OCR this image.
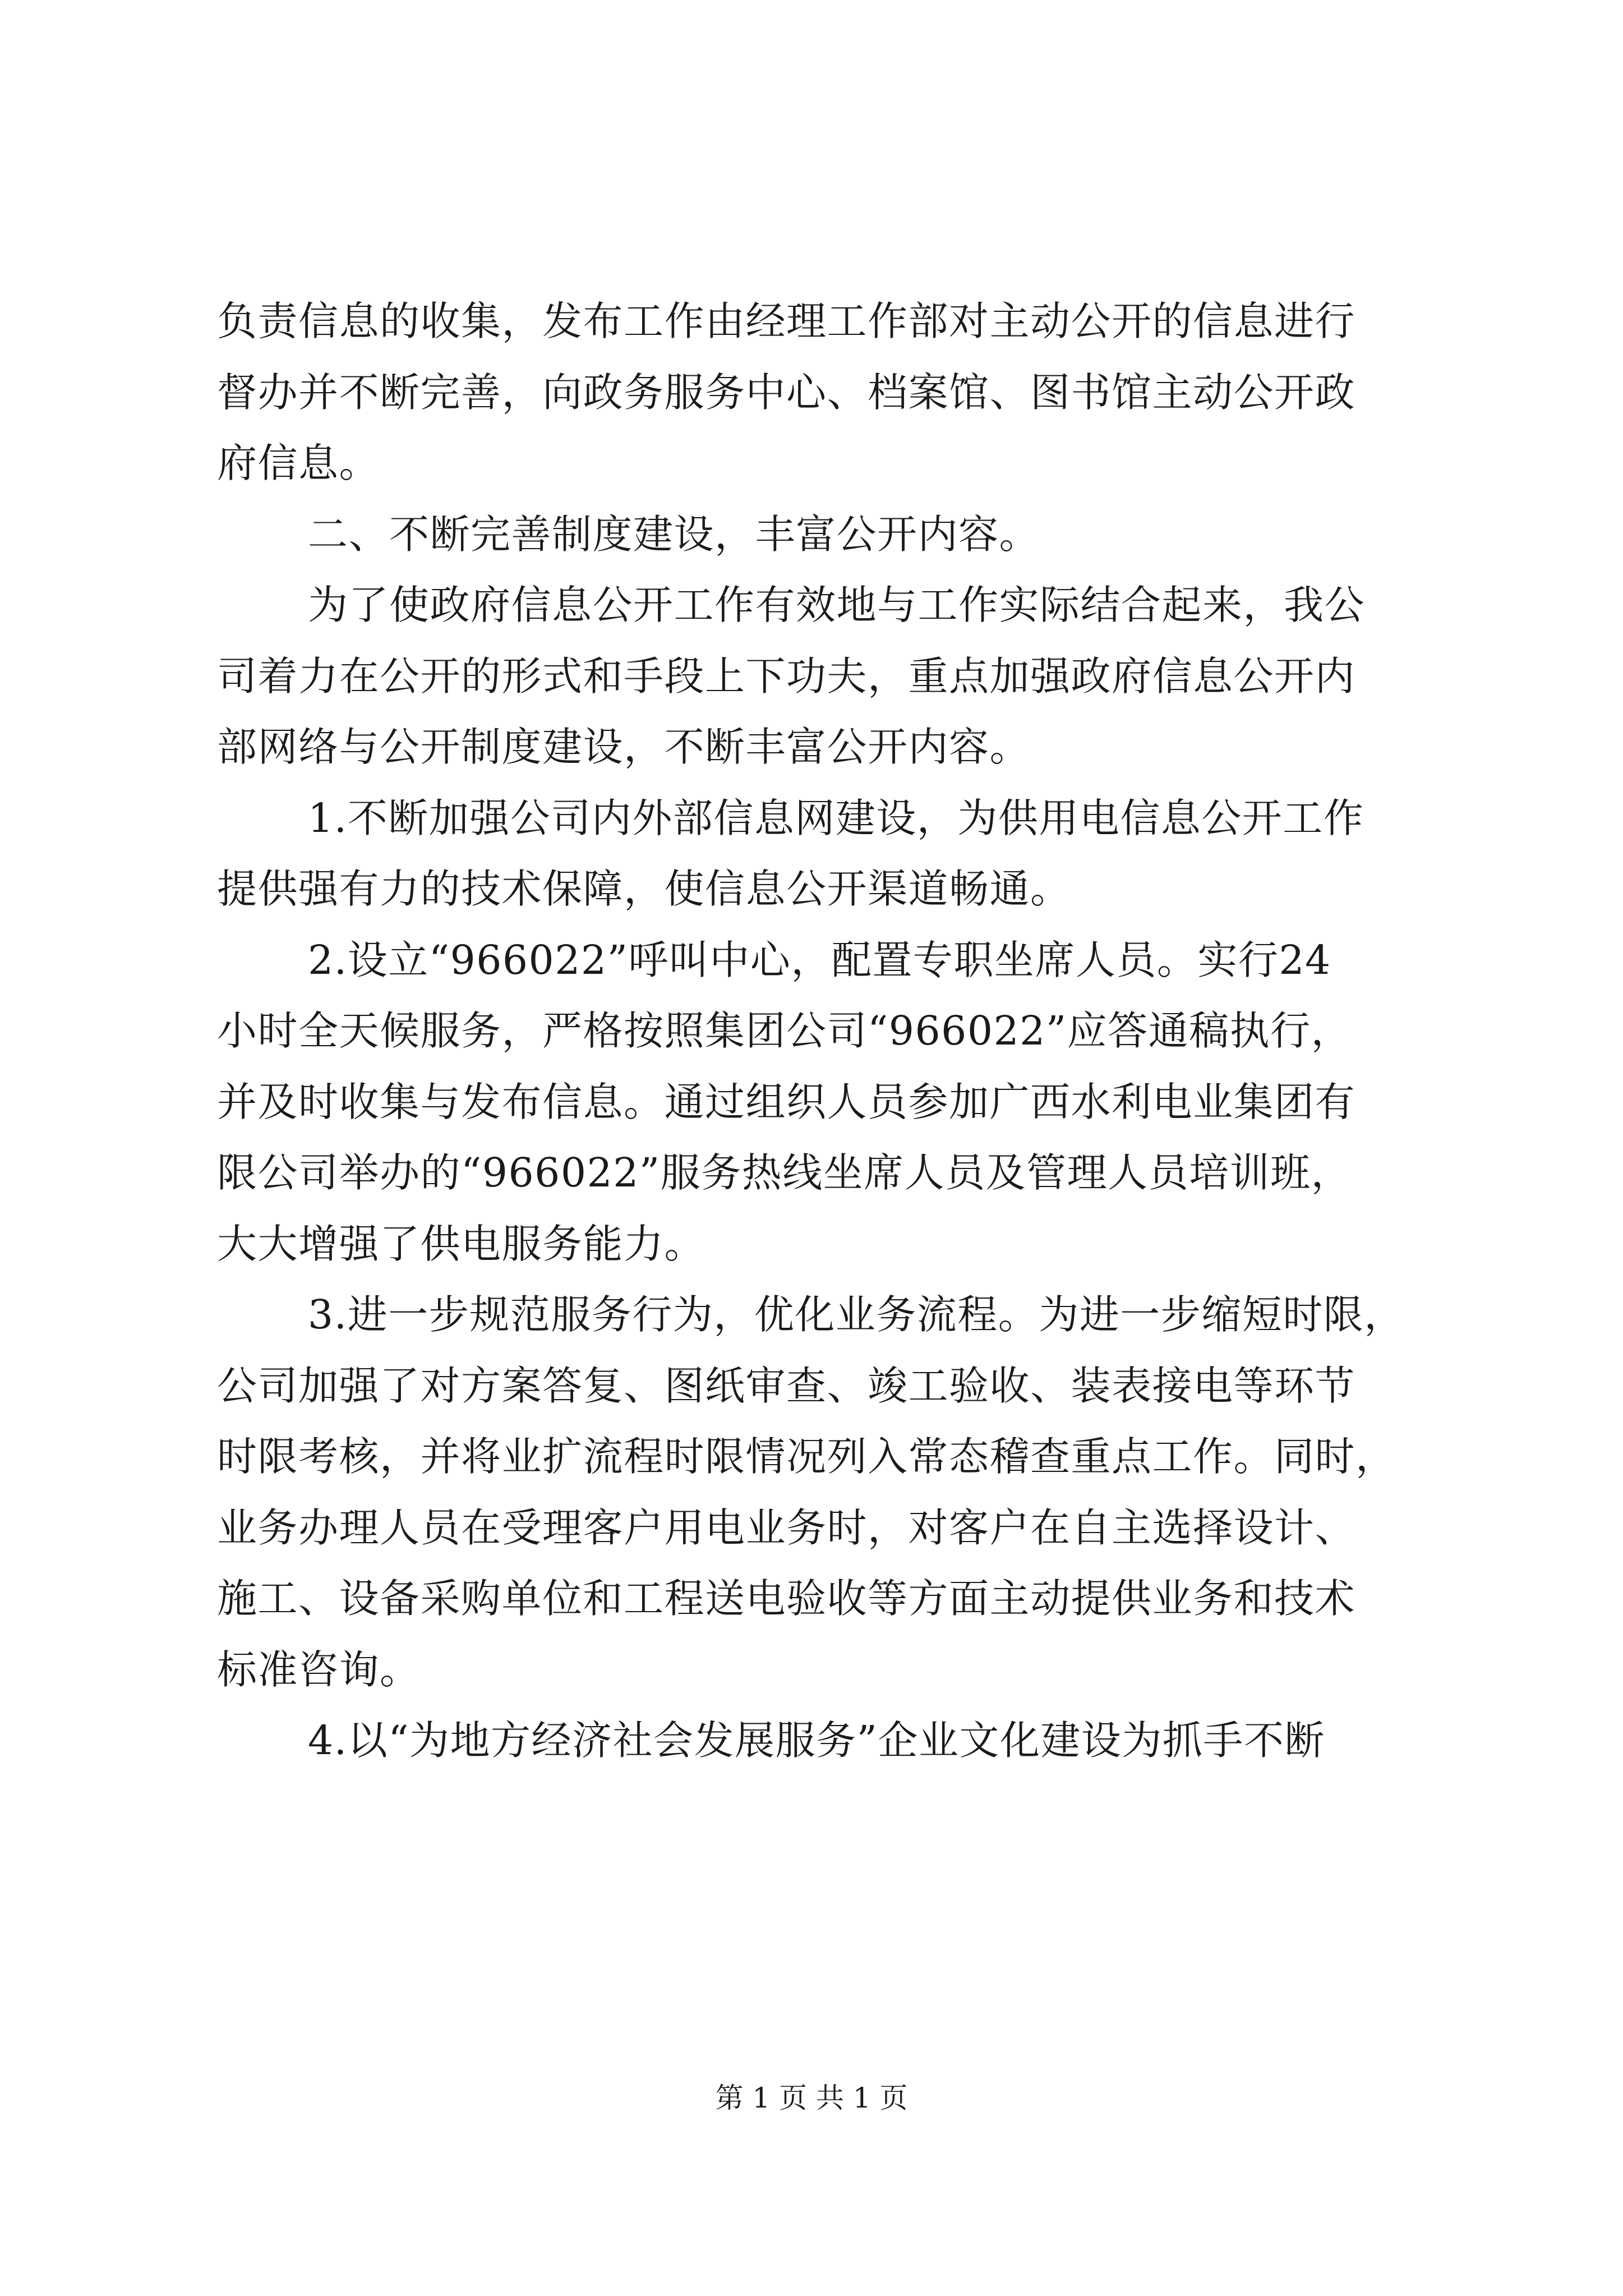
负责信息的收集，发布工作由经理工作部对主动公开的信息进行
督办并不断完善，向政务服务中心、档案馆、图书馆主动公开政
府信息。
二、不断完善制度建设，丰富公开内容。
为了使政府信息公开工作有效地与工作实际结合起来，我公
司着力在公开的形式和手段上下功夫，重点加强政府信息公开内
部网络与公开制度建设，不断丰富公开内容。
1.不断加强公司内外部信息网建设，为供用电信息公开工作
提供强有力的技术保障，使信息公开渠道畅通。
2.设立“966022”呼叫中心，配置专职坐席人员。实行24
小时全天候服务，严格按照集团公司“966022”应答通稿执行，
并及时收集与发布信息。通过组织人员参加广西水利电业集团有
限公司举办的“966022”服务热线坐席人员及管理人员培训班，
大大增强了供电服务能力。
3.进一步规范服务行为，优化业务流程。为进一步缩短时限，
公司加强了对方案答复、图纸审查、竣工验收、装表接电等环节
时限考核，并将业扩流程时限情况列入常态稽查重点工作。同时，
业务办理人员在受理客户用电业务时，对客户在自主选择设计、
施工、设备采购单位和工程送电验收等方面主动提供业务和技术
标准咨询。
4.以“为地方经济社会发展服务”企业文化建设为抓手不断
第 1 页 共 1 页
